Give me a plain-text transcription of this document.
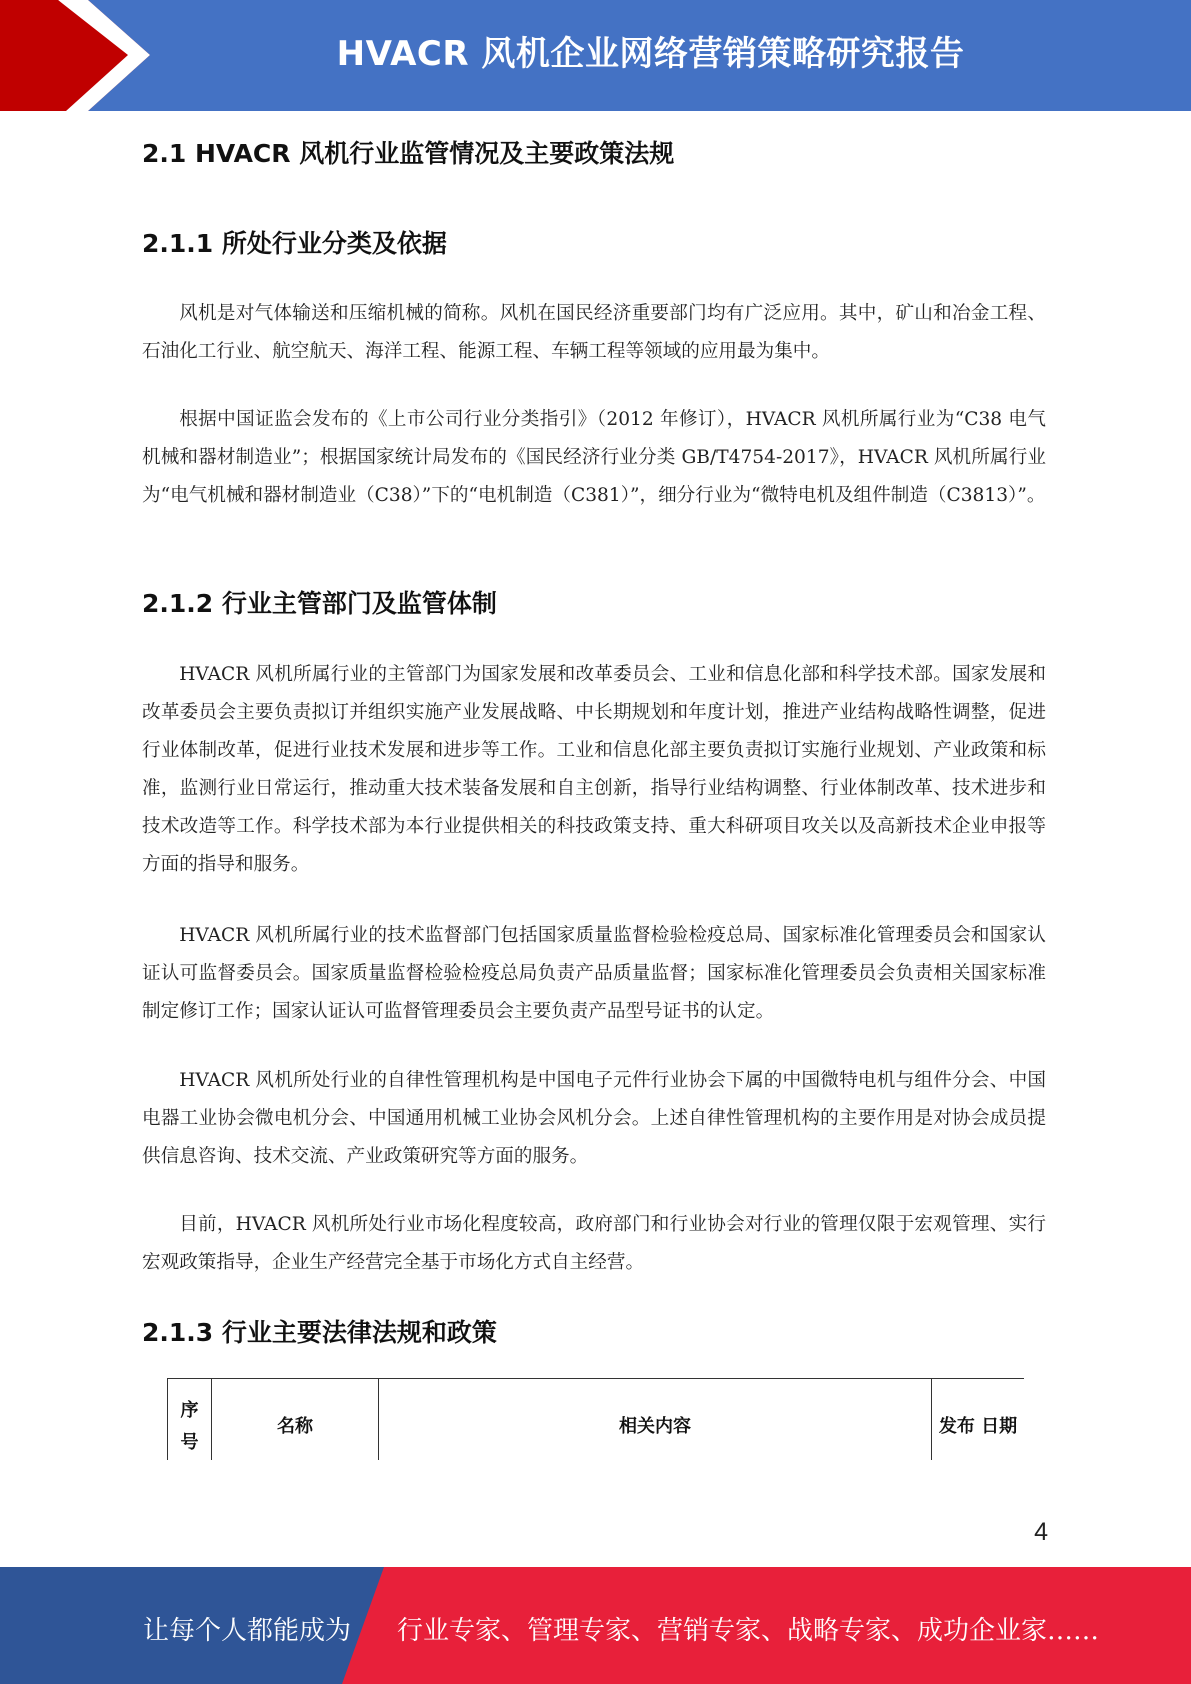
HVACR 风机企业网络营销策略研究报告
2.1 HVACR 风机行业监管情况及主要政策法规
2.1.1 所处行业分类及依据
风机是对气体输送和压缩机械的简称。风机在国民经济重要部门均有广泛应用。其中，矿山和冶金工程、石油化工行业、航空航天、海洋工程、能源工程、车辆工程等领域的应用最为集中。
根据中国证监会发布的《上市公司行业分类指引》（2012 年修订），HVACR 风机所属行业为“C38 电气机械和器材制造业”；根据国家统计局发布的《国民经济行业分类 GB/T4754-2017》，HVACR 风机所属行业为“电气机械和器材制造业（C38）”下的“电机制造（C381）”，细分行业为“微特电机及组件制造（C3813）”。
2.1.2 行业主管部门及监管体制
HVACR 风机所属行业的主管部门为国家发展和改革委员会、工业和信息化部和科学技术部。国家发展和改革委员会主要负责拟订并组织实施产业发展战略、中长期规划和年度计划，推进产业结构战略性调整，促进行业体制改革，促进行业技术发展和进步等工作。工业和信息化部主要负责拟订实施行业规划、产业政策和标准，监测行业日常运行，推动重大技术装备发展和自主创新，指导行业结构调整、行业体制改革、技术进步和技术改造等工作。科学技术部为本行业提供相关的科技政策支持、重大科研项目攻关以及高新技术企业申报等方面的指导和服务。
HVACR 风机所属行业的技术监督部门包括国家质量监督检验检疫总局、国家标准化管理委员会和国家认证认可监督委员会。国家质量监督检验检疫总局负责产品质量监督；国家标准化管理委员会负责相关国家标准制定修订工作；国家认证认可监督管理委员会主要负责产品型号证书的认定。
HVACR 风机所处行业的自律性管理机构是中国电子元件行业协会下属的中国微特电机与组件分会、中国电器工业协会微电机分会、中国通用机械工业协会风机分会。上述自律性管理机构的主要作用是对协会成员提供信息咨询、技术交流、产业政策研究等方面的服务。
目前，HVACR 风机所处行业市场化程度较高，政府部门和行业协会对行业的管理仅限于宏观管理、实行宏观政策指导，企业生产经营完全基于市场化方式自主经营。
2.1.3 行业主要法律法规和政策
序号	名称	相关内容	发布 日期
4
让每个人都能成为 行业专家、管理专家、营销专家、战略专家、成功企业家……
